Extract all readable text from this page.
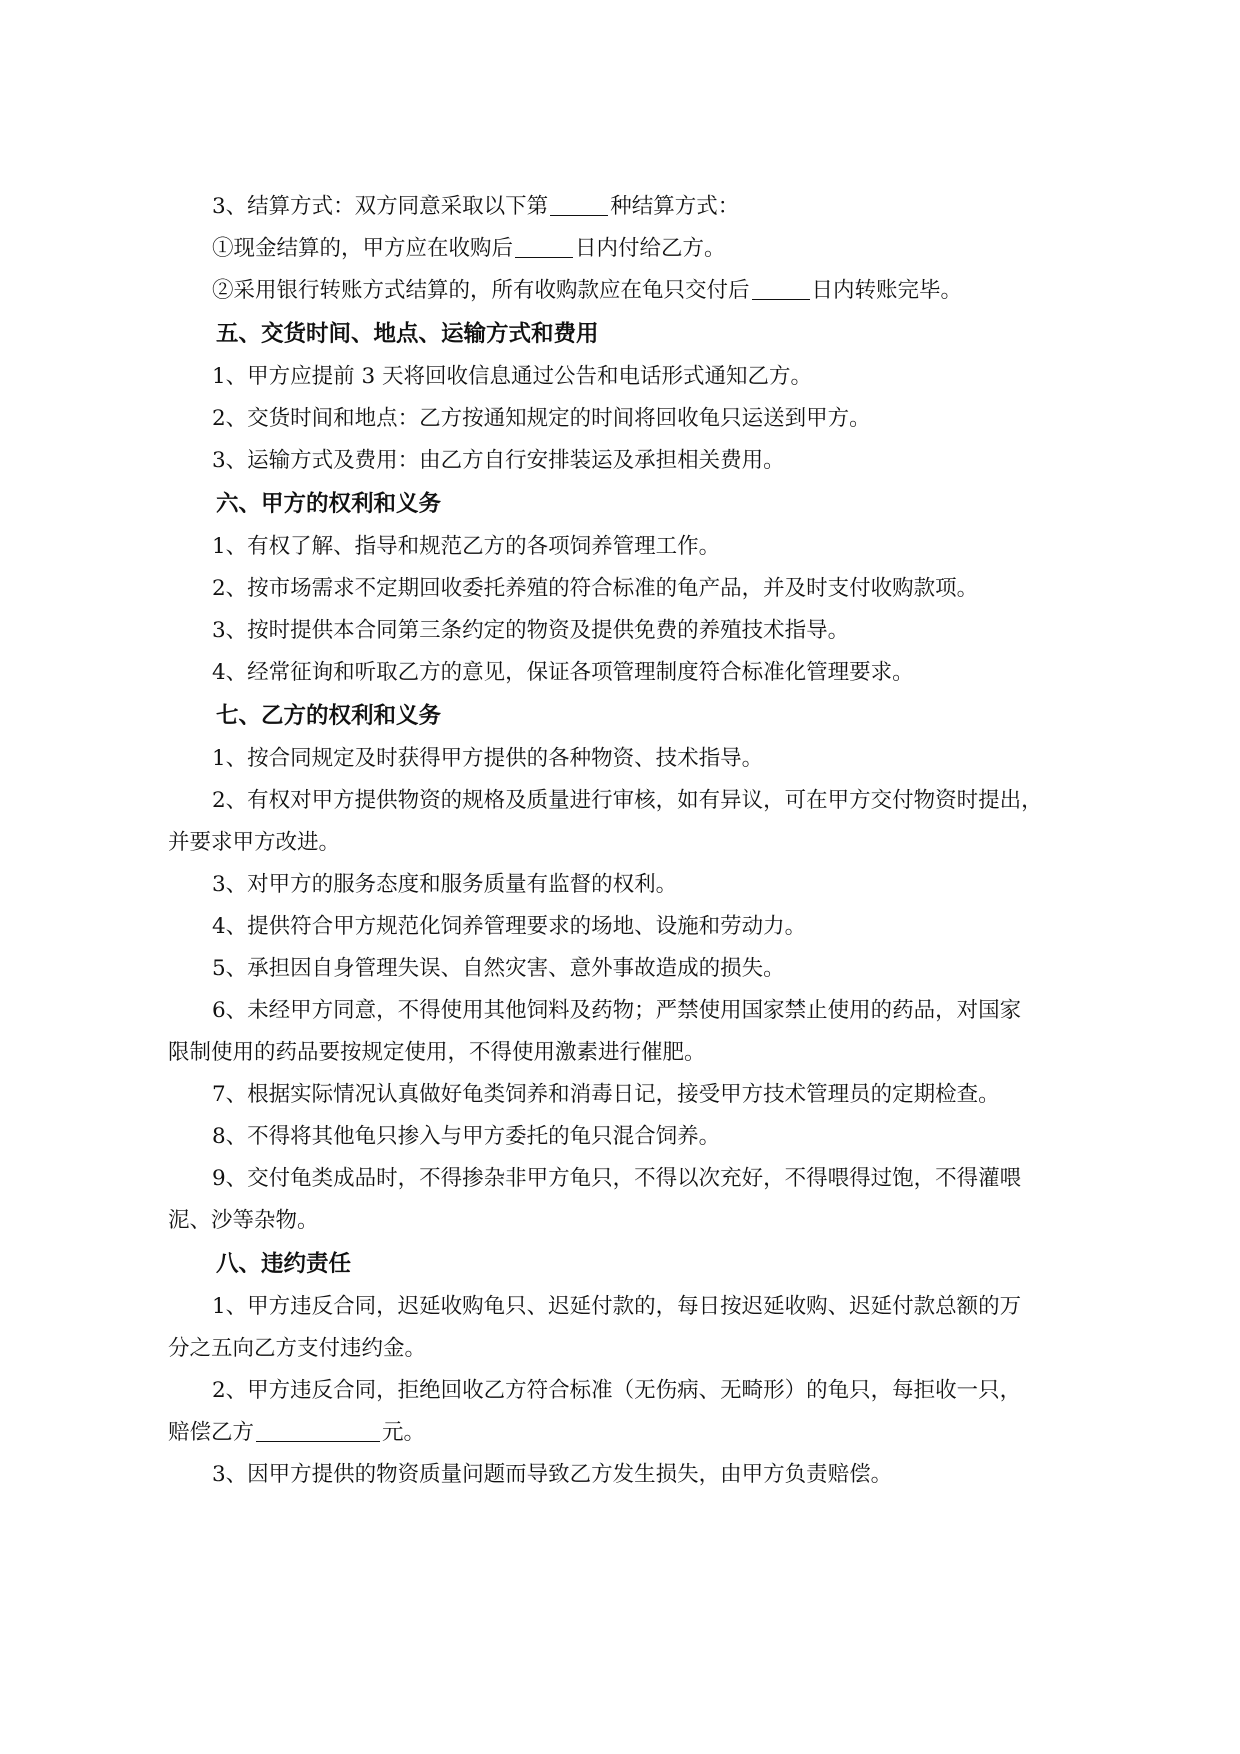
3、结算方式：双方同意采取以下第	种结算方式：
①现金结算的，甲方应在收购后	日内付给乙方。
②采用银行转账方式结算的，所有收购款应在龟只交付后	日内转账完毕。
五、交货时间、地点、运输方式和费用
1、甲方应提前 3 天将回收信息通过公告和电话形式通知乙方。
2、交货时间和地点：乙方按通知规定的时间将回收龟只运送到甲方。
3、运输方式及费用：由乙方自行安排装运及承担相关费用。
六、甲方的权利和义务
1、有权了解、指导和规范乙方的各项饲养管理工作。
2、按市场需求不定期回收委托养殖的符合标准的龟产品，并及时支付收购款项。
3、按时提供本合同第三条约定的物资及提供免费的养殖技术指导。
4、经常征询和听取乙方的意见，保证各项管理制度符合标准化管理要求。
七、乙方的权利和义务
1、按合同规定及时获得甲方提供的各种物资、技术指导。
2、有权对甲方提供物资的规格及质量进行审核，如有异议，可在甲方交付物资时提出，
并要求甲方改进。
3、对甲方的服务态度和服务质量有监督的权利。
4、提供符合甲方规范化饲养管理要求的场地、设施和劳动力。
5、承担因自身管理失误、自然灾害、意外事故造成的损失。
6、未经甲方同意，不得使用其他饲料及药物；严禁使用国家禁止使用的药品，对国家
限制使用的药品要按规定使用，不得使用激素进行催肥。
7、根据实际情况认真做好龟类饲养和消毒日记，接受甲方技术管理员的定期检查。
8、不得将其他龟只掺入与甲方委托的龟只混合饲养。
9、交付龟类成品时，不得掺杂非甲方龟只，不得以次充好，不得喂得过饱，不得灌喂
泥、沙等杂物。
八、违约责任
1、甲方违反合同，迟延收购龟只、迟延付款的，每日按迟延收购、迟延付款总额的万
分之五向乙方支付违约金。
2、甲方违反合同，拒绝回收乙方符合标准（无伤病、无畸形）的龟只，每拒收一只，
赔偿乙方	元。
3、因甲方提供的物资质量问题而导致乙方发生损失，由甲方负责赔偿。
